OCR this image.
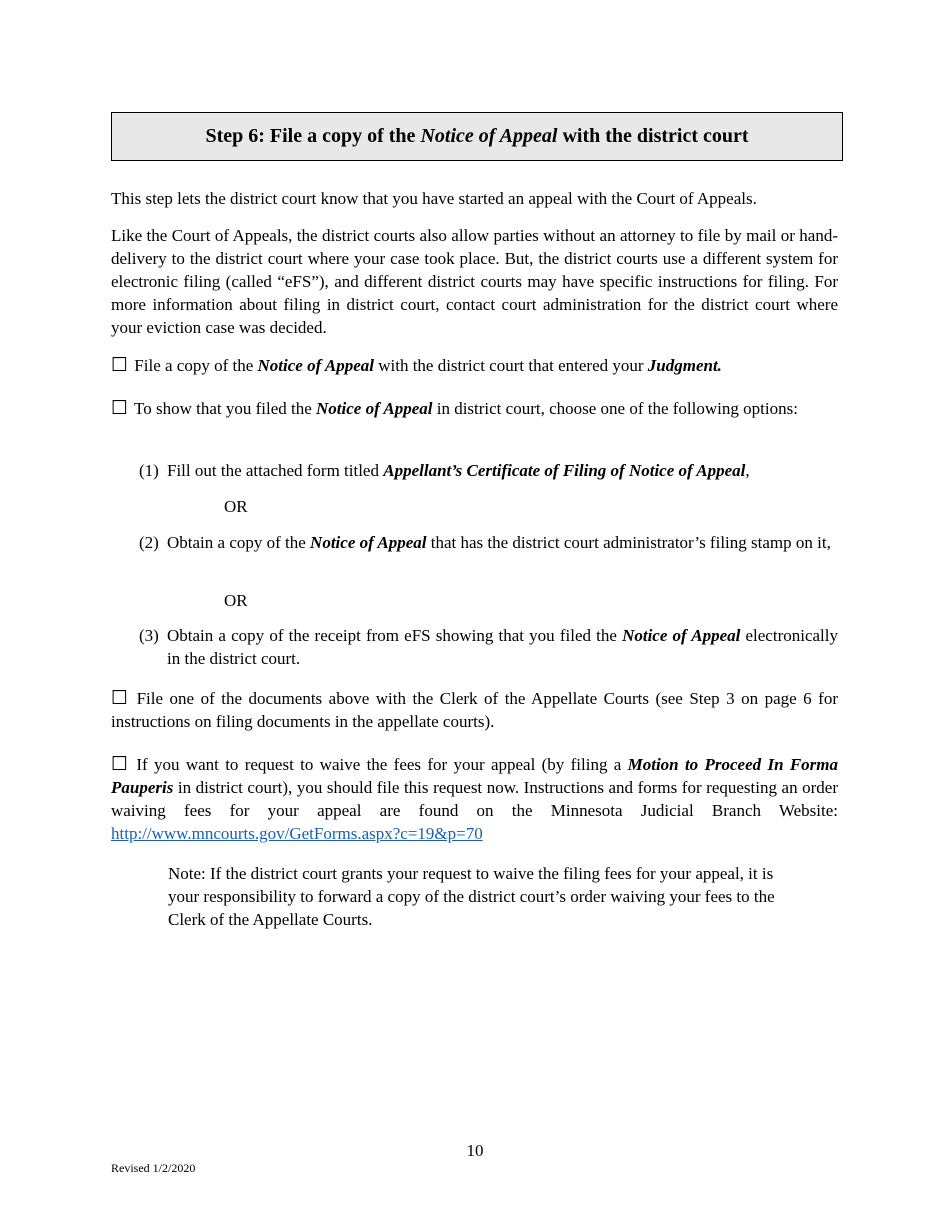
Step 6: File a copy of the Notice of Appeal with the district court
This step lets the district court know that you have started an appeal with the Court of Appeals.
Like the Court of Appeals, the district courts also allow parties without an attorney to file by mail or hand-delivery to the district court where your case took place. But, the district courts use a different system for electronic filing (called “eFS”), and different district courts may have specific instructions for filing. For more information about filing in district court, contact court administration for the district court where your eviction case was decided.
☐ File a copy of the Notice of Appeal with the district court that entered your Judgment.
☐ To show that you filed the Notice of Appeal in district court, choose one of the following options:
(1) Fill out the attached form titled Appellant’s Certificate of Filing of Notice of Appeal,
OR
(2) Obtain a copy of the Notice of Appeal that has the district court administrator’s filing stamp on it,
OR
(3) Obtain a copy of the receipt from eFS showing that you filed the Notice of Appeal electronically in the district court.
☐ File one of the documents above with the Clerk of the Appellate Courts (see Step 3 on page 6 for instructions on filing documents in the appellate courts).
☐ If you want to request to waive the fees for your appeal (by filing a Motion to Proceed In Forma Pauperis in district court), you should file this request now. Instructions and forms for requesting an order waiving fees for your appeal are found on the Minnesota Judicial Branch Website: http://www.mncourts.gov/GetForms.aspx?c=19&p=70
Note: If the district court grants your request to waive the filing fees for your appeal, it is your responsibility to forward a copy of the district court’s order waiving your fees to the Clerk of the Appellate Courts.
10
Revised 1/2/2020
